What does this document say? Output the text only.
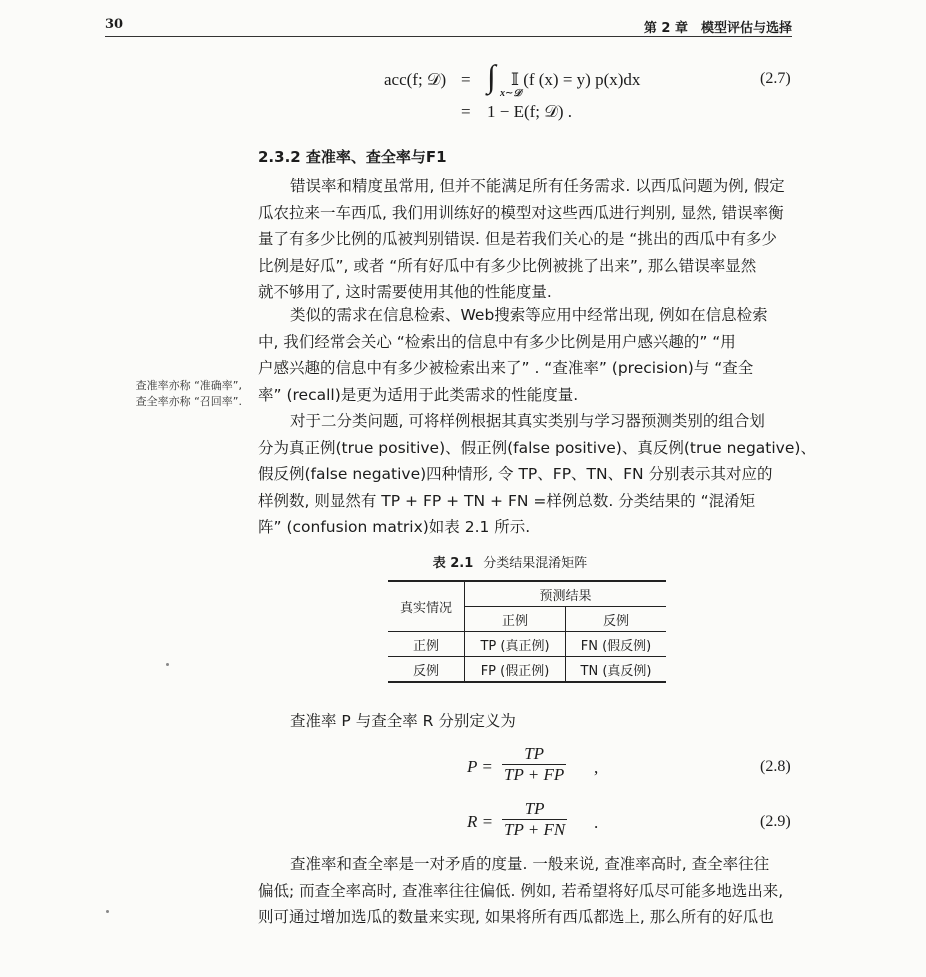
30	第 2 章　模型评估与选择
acc(f; 𝒟) = ∫ x∼𝒟
𝕀 (f (x) = y) p(x)dx	(2.7)
= 1 − E(f; 𝒟) .
2.3.2 查准率、查全率与F1
错误率和精度虽常用, 但并不能满足所有任务需求. 以西瓜问题为例, 假定
瓜农拉来一车西瓜, 我们用训练好的模型对这些西瓜进行判别, 显然, 错误率衡
量了有多少比例的瓜被判别错误. 但是若我们关心的是 “挑出的西瓜中有多少
比例是好瓜”, 或者 “所有好瓜中有多少比例被挑了出来”, 那么错误率显然
就不够用了, 这时需要使用其他的性能度量.
类似的需求在信息检索、Web搜索等应用中经常出现, 例如在信息检索
中, 我们经常会关心 “检索出的信息中有多少比例是用户感兴趣的” “用
户感兴趣的信息中有多少被检索出来了” . “查准率” (precision)与 “查全
率” (recall)是更为适用于此类需求的性能度量.
查准率亦称 “准确率”,
查全率亦称 “召回率”.
对于二分类问题, 可将样例根据其真实类别与学习器预测类别的组合划
分为真正例(true positive)、假正例(false positive)、真反例(true negative)、
假反例(false negative)四种情形, 令 TP、FP、TN、FN 分别表示其对应的
样例数, 则显然有 TP + FP + TN + FN =样例总数. 分类结果的 “混淆矩
阵” (confusion matrix)如表 2.1 所示.
表 2.1 分类结果混淆矩阵
真实情况	预测结果	
	正例	反例
正例	TP (真正例)	FN (假反例)
反例	FP (假正例)	TN (真反例)
查准率 P 与查全率 R 分别定义为
$P = \frac{TP}{TP + FP}$ ,	(2.8)
$R = \frac{TP}{TP + FN}$ .	(2.9)
查准率和查全率是一对矛盾的度量. 一般来说, 查准率高时, 查全率往往
偏低; 而查全率高时, 查准率往往偏低. 例如, 若希望将好瓜尽可能多地选出来,
则可通过增加选瓜的数量来实现, 如果将所有西瓜都选上, 那么所有的好瓜也
